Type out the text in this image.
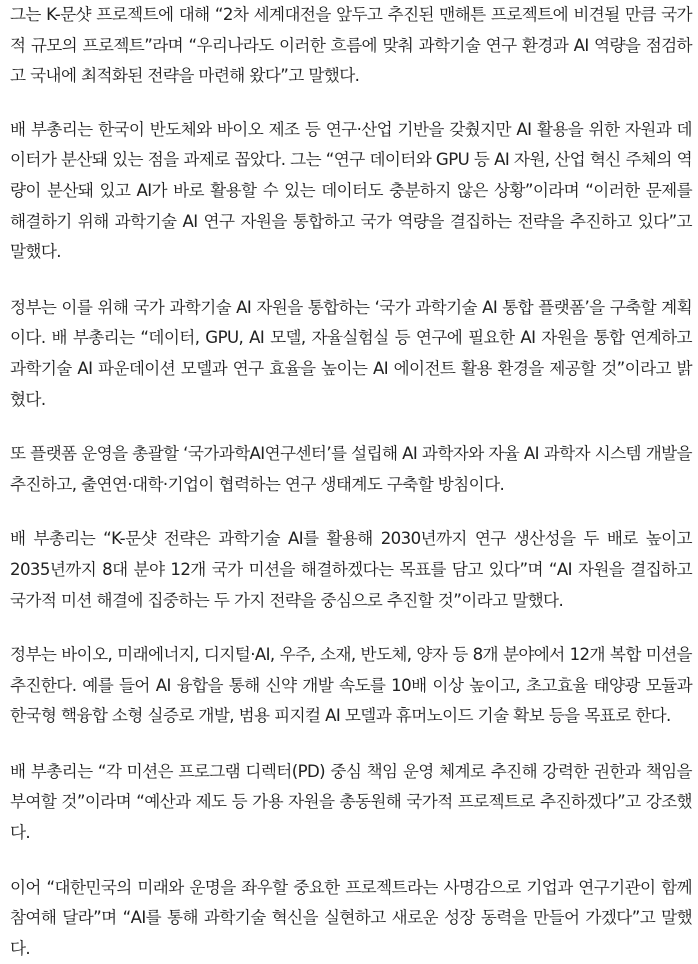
그는 K-문샷 프로젝트에 대해 “2차 세계대전을 앞두고 추진된 맨해튼 프로젝트에 비견될 만큼 국가적 규모의 프로젝트”라며 “우리나라도 이러한 흐름에 맞춰 과학기술 연구 환경과 AI 역량을 점검하고 국내에 최적화된 전략을 마련해 왔다”고 말했다.

배 부총리는 한국이 반도체와 바이오 제조 등 연구·산업 기반을 갖췄지만 AI 활용을 위한 자원과 데이터가 분산돼 있는 점을 과제로 꼽았다. 그는 “연구 데이터와 GPU 등 AI 자원, 산업 혁신 주체의 역량이 분산돼 있고 AI가 바로 활용할 수 있는 데이터도 충분하지 않은 상황”이라며 “이러한 문제를 해결하기 위해 과학기술 AI 연구 자원을 통합하고 국가 역량을 결집하는 전략을 추진하고 있다”고 말했다.

정부는 이를 위해 국가 과학기술 AI 자원을 통합하는 ‘국가 과학기술 AI 통합 플랫폼’을 구축할 계획이다. 배 부총리는 “데이터, GPU, AI 모델, 자율실험실 등 연구에 필요한 AI 자원을 통합 연계하고 과학기술 AI 파운데이션 모델과 연구 효율을 높이는 AI 에이전트 활용 환경을 제공할 것”이라고 밝혔다.

또 플랫폼 운영을 총괄할 ‘국가과학AI연구센터’를 설립해 AI 과학자와 자율 AI 과학자 시스템 개발을 추진하고, 출연연·대학·기업이 협력하는 연구 생태계도 구축할 방침이다.

배 부총리는 “K-문샷 전략은 과학기술 AI를 활용해 2030년까지 연구 생산성을 두 배로 높이고 2035년까지 8대 분야 12개 국가 미션을 해결하겠다는 목표를 담고 있다”며 “AI 자원을 결집하고 국가적 미션 해결에 집중하는 두 가지 전략을 중심으로 추진할 것”이라고 말했다.

정부는 바이오, 미래에너지, 디지털·AI, 우주, 소재, 반도체, 양자 등 8개 분야에서 12개 복합 미션을 추진한다. 예를 들어 AI 융합을 통해 신약 개발 속도를 10배 이상 높이고, 초고효율 태양광 모듈과 한국형 핵융합 소형 실증로 개발, 범용 피지컬 AI 모델과 휴머노이드 기술 확보 등을 목표로 한다.

배 부총리는 “각 미션은 프로그램 디렉터(PD) 중심 책임 운영 체계로 추진해 강력한 권한과 책임을 부여할 것”이라며 “예산과 제도 등 가용 자원을 총동원해 국가적 프로젝트로 추진하겠다”고 강조했다.

이어 “대한민국의 미래와 운명을 좌우할 중요한 프로젝트라는 사명감으로 기업과 연구기관이 함께 참여해 달라”며 “AI를 통해 과학기술 혁신을 실현하고 새로운 성장 동력을 만들어 가겠다”고 말했다.
